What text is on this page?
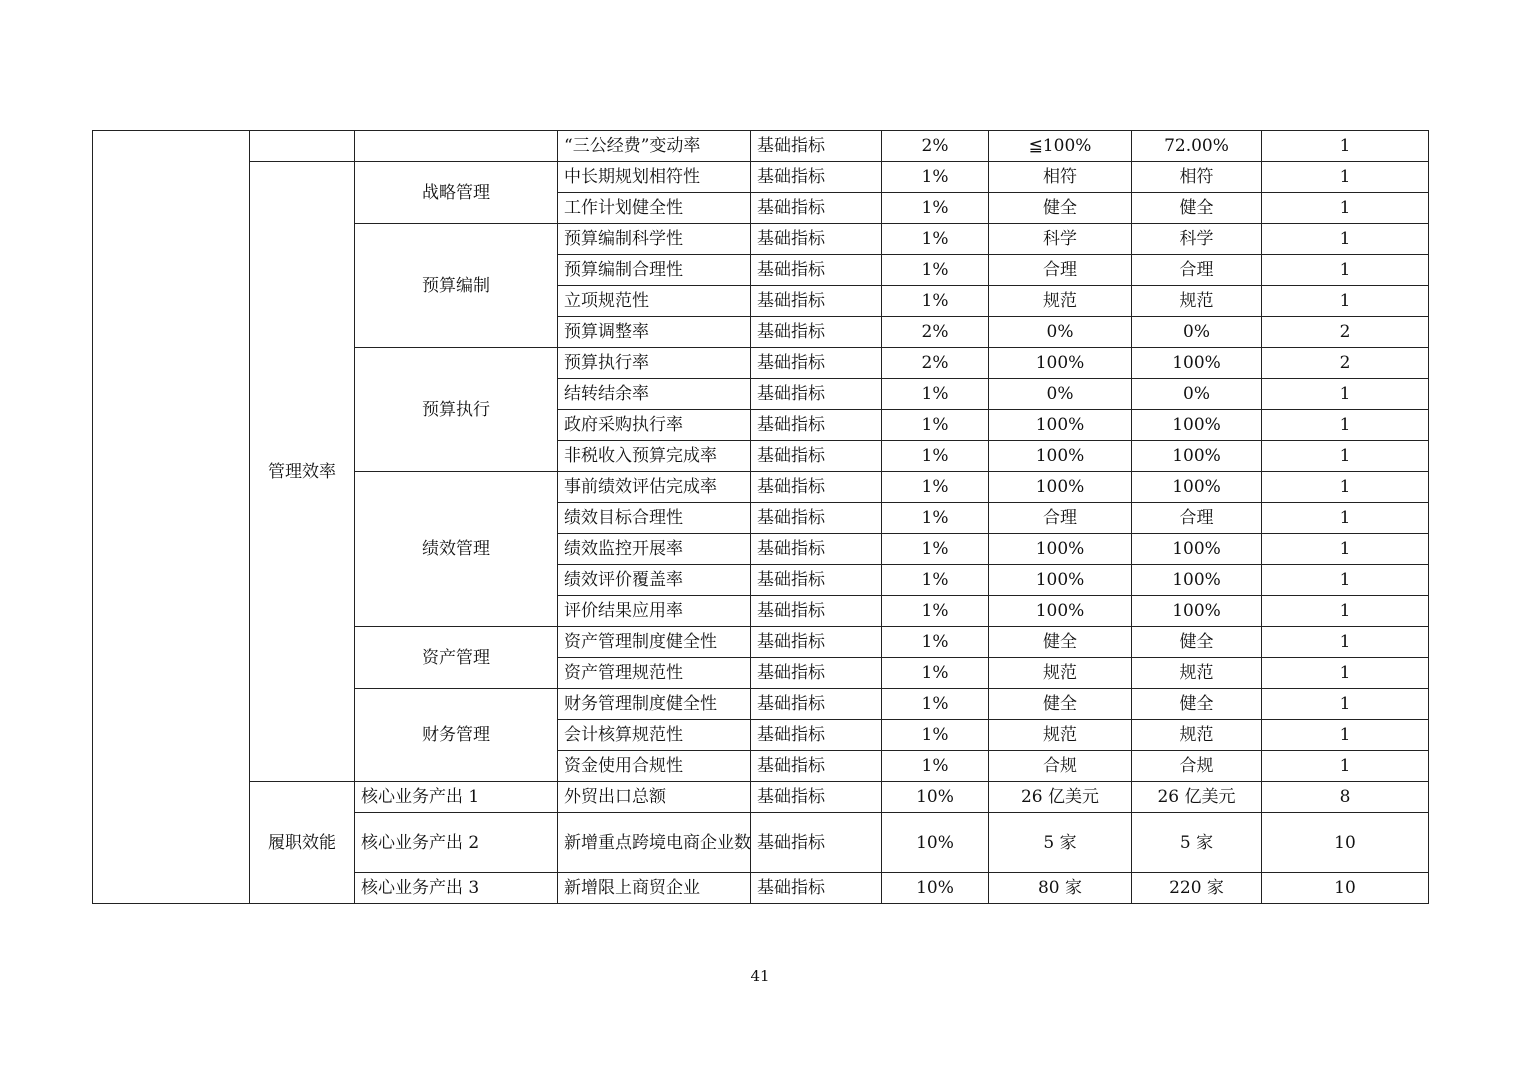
			“三公经费”变动率	基础指标	2%	≦100%	72.00%	1
	管理效率	战略管理	中长期规划相符性	基础指标	1%	相符	相符	1
			工作计划健全性	基础指标	1%	健全	健全	1
		预算编制	预算编制科学性	基础指标	1%	科学	科学	1
			预算编制合理性	基础指标	1%	合理	合理	1
			立项规范性	基础指标	1%	规范	规范	1
			预算调整率	基础指标	2%	0%	0%	2
		预算执行	预算执行率	基础指标	2%	100%	100%	2
			结转结余率	基础指标	1%	0%	0%	1
			政府采购执行率	基础指标	1%	100%	100%	1
			非税收入预算完成率	基础指标	1%	100%	100%	1
		绩效管理	事前绩效评估完成率	基础指标	1%	100%	100%	1
			绩效目标合理性	基础指标	1%	合理	合理	1
			绩效监控开展率	基础指标	1%	100%	100%	1
			绩效评价覆盖率	基础指标	1%	100%	100%	1
			评价结果应用率	基础指标	1%	100%	100%	1
		资产管理	资产管理制度健全性	基础指标	1%	健全	健全	1
			资产管理规范性	基础指标	1%	规范	规范	1
		财务管理	财务管理制度健全性	基础指标	1%	健全	健全	1
			会计核算规范性	基础指标	1%	规范	规范	1
			资金使用合规性	基础指标	1%	合规	合规	1
	履职效能	核心业务产出 1	外贸出口总额	基础指标	10%	26 亿美元	26 亿美元	8
		核心业务产出 2	新增重点跨境电商企业数	基础指标	10%	5 家	5 家	10
		核心业务产出 3	新增限上商贸企业	基础指标	10%	80 家	220 家	10
41
